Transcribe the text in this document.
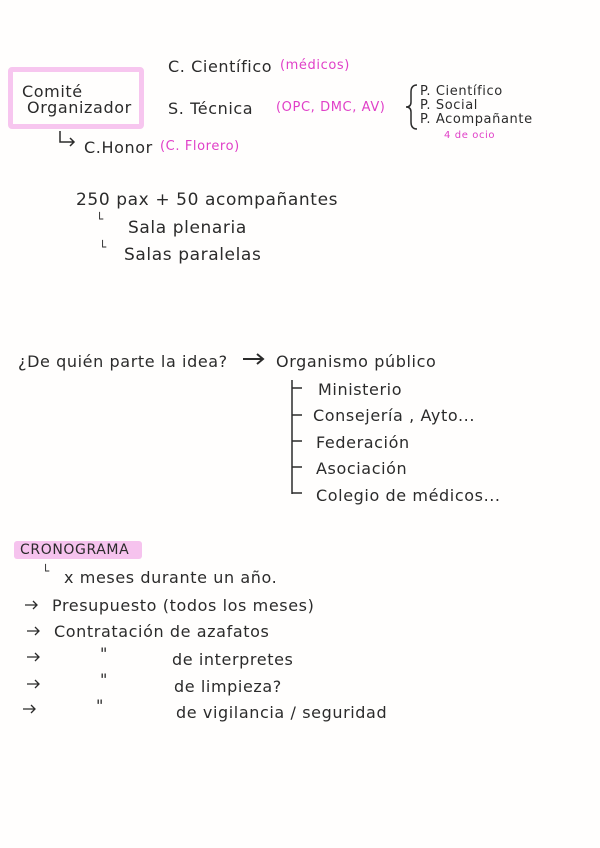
Comité
Organizador
C. Científico (médicos)
S. Técnica (OPC, DMC, AV)
C.Honor (C. Florero)
P. Científico
P. Social
P. Acompañante
4 de ocio
250 pax + 50 acompañantes
└ Sala plenaria
└ Salas paralelas
¿De quién parte la idea?	Organismo público
Ministerio
Consejería , Ayto...
Federación
Asociación
Colegio de médicos...
CRONOGRAMA
└ x meses durante un año.
Presupuesto (todos los meses)
Contratación de azafatos
"	de interpretes
"	de limpieza?
"	de vigilancia / seguridad
